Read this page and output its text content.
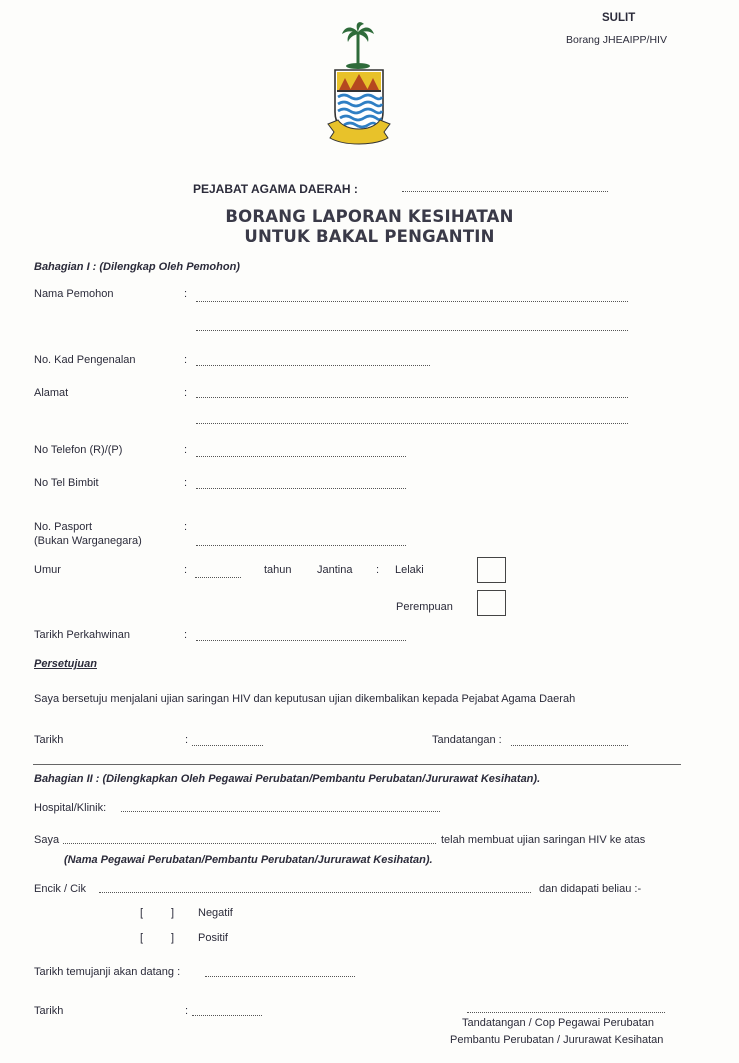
SULIT
Borang JHEAIPP/HIV
PEJABAT AGAMA DAERAH :
BORANG LAPORAN KESIHATAN
UNTUK BAKAL PENGANTIN
Bahagian I : (Dilengkap Oleh Pemohon)
Nama Pemohon	:
No. Kad Pengenalan	:
Alamat	:
No Telefon (R)/(P)	:
No Tel Bimbit	:
No. Pasport
(Bukan Warganegara)
:
Umur	:	tahun Jantina : Lelaki
Perempuan
Tarikh Perkahwinan	:
Persetujuan
Saya bersetuju menjalani ujian saringan HIV dan keputusan ujian dikembalikan kepada Pejabat Agama Daerah
Tarikh	:	Tandatangan :
Bahagian II : (Dilengkapkan Oleh Pegawai Perubatan/Pembantu Perubatan/Jururawat Kesihatan).
Hospital/Klinik:
Saya	telah membuat ujian saringan HIV ke atas
(Nama Pegawai Perubatan/Pembantu Perubatan/Jururawat Kesihatan).
Encik / Cik	dan didapati beliau :-
[	] Negatif
[	] Positif
Tarikh temujanji akan datang :
Tarikh	:
Tandatangan / Cop Pegawai Perubatan
Pembantu Perubatan / Jururawat Kesihatan
